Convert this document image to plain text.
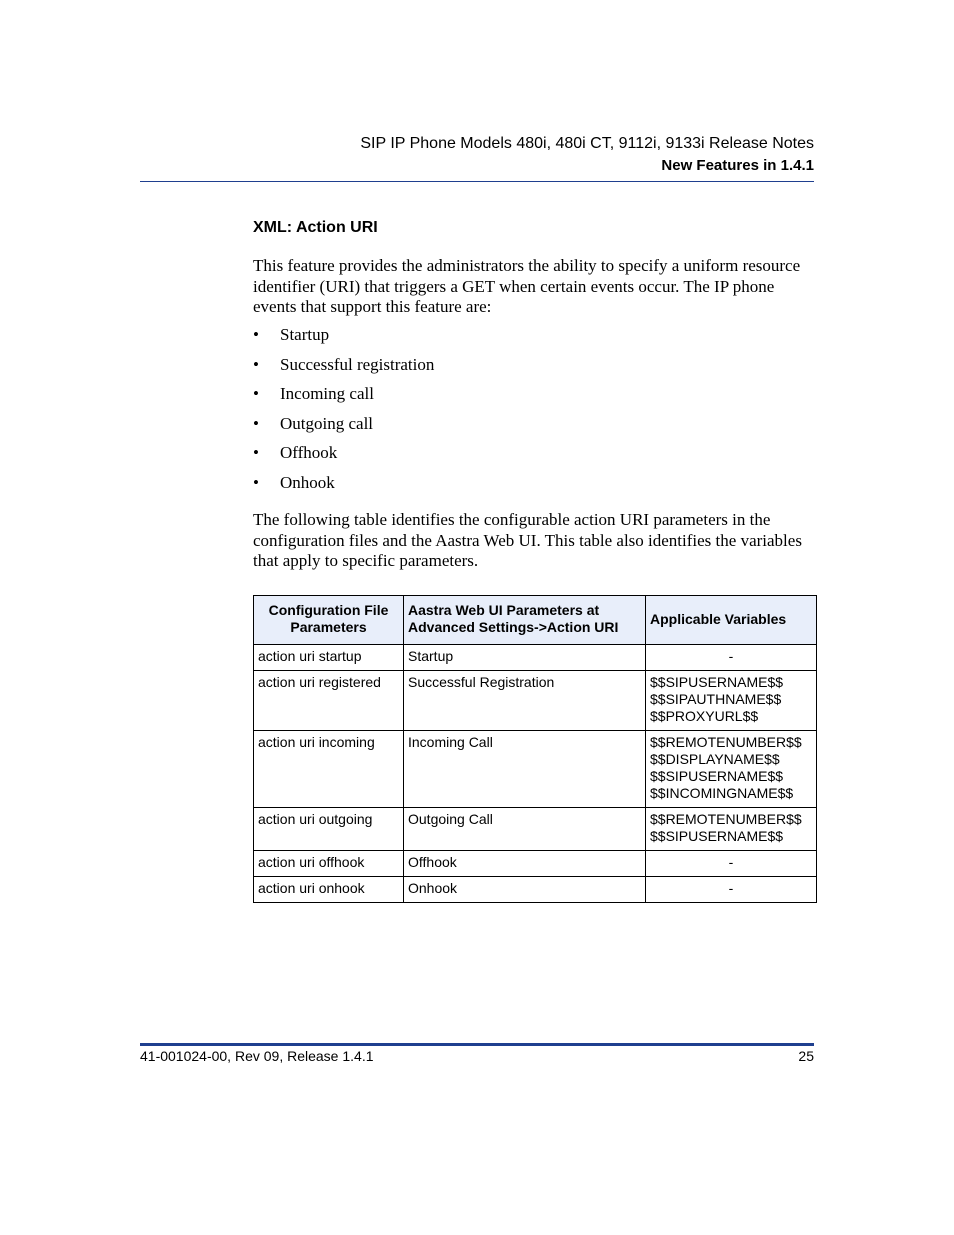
SIP IP Phone Models 480i, 480i CT, 9112i, 9133i Release Notes
New Features in 1.4.1
XML: Action URI
This feature provides the administrators the ability to specify a uniform resource identifier (URI) that triggers a GET when certain events occur. The IP phone events that support this feature are:
• Startup
• Successful registration
• Incoming call
• Outgoing call
• Offhook
• Onhook
The following table identifies the configurable action URI parameters in the configuration files and the Aastra Web UI. This table also identifies the variables that apply to specific parameters.
Configuration File Parameters	Aastra Web UI Parameters at Advanced Settings->Action URI	Applicable Variables
action uri startup	Startup	-

action uri registered	Successful Registration	$$SIPUSERNAME$$
$$SIPAUTHNAME$$
$$PROXYURL$$

action uri incoming	Incoming Call	$$REMOTENUMBER$$
$$DISPLAYNAME$$
$$SIPUSERNAME$$
$$INCOMINGNAME$$

action uri outgoing	Outgoing Call	$$REMOTENUMBER$$
$$SIPUSERNAME$$

action uri offhook	Offhook	-

action uri onhook	Onhook	-
41-001024-00, Rev 09, Release 1.4.1	25
